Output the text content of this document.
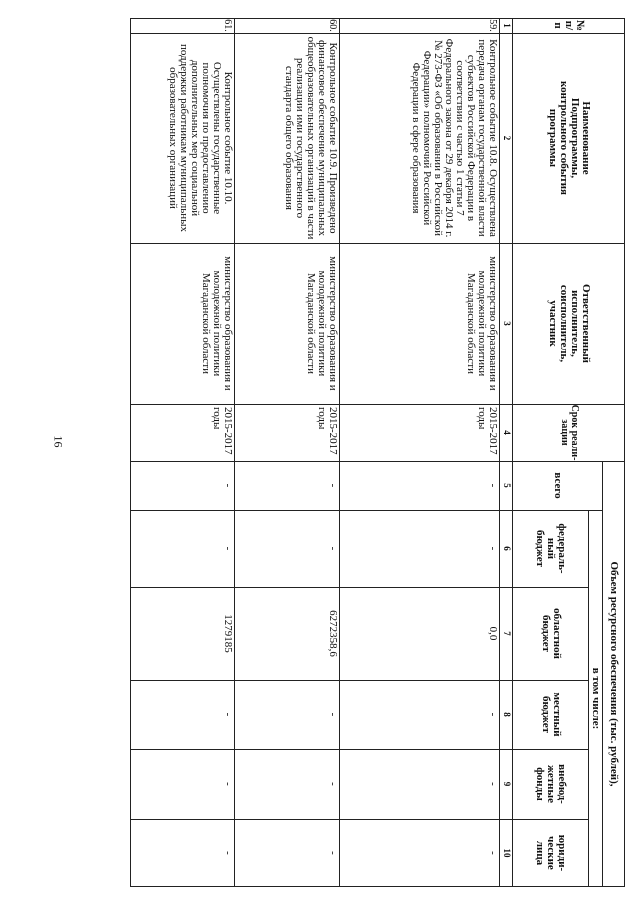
16
№ п/п
Наименование Подпрограммы, контрольного события программы
Ответственный исполнитель, соисполнитель, участник
Срок реали- зации
Объем ресурсного обеспечения (тыс. рублей),
всего
в том числе:
федераль- ный бюджет
областной бюджет
местный бюджет
внебюд- жетные фонды
юриди- ческие лица
1
2
3
4
5
6
7
8
9
10
59.
Контрольное событие 10.8. Осуществлена передача органам государственной власти субъектов Российской Федерации в соответствии с частью 1 статьи 7 Федерального закона от 29 декабря 2014 г. № 273-ФЗ «Об образовании в Российской Федерации» полномочий Российской Федерации в сфере образования
министерство образования и молодежной политики Магаданской области
2015-2017 годы
-
-
0,0
-
-
-
60.
Контрольное событие 10.9. Произведено финансовое обеспечение муниципальных общеобразовательных организаций в части реализации ими государственного стандарта общего образования
министерство образования и молодежной политики Магаданской области
2015-2017 годы
-
-
6272358,6
-
-
-
61.
Контрольное событие 10.10. Осуществлены государственные полномочия по предоставлению дополнительных мер социальной поддержки работникам муниципальных образовательных организаций
министерство образования и молодежной политики Магаданской области
2015-2017 годы
-
-
1279185
-
-
-
